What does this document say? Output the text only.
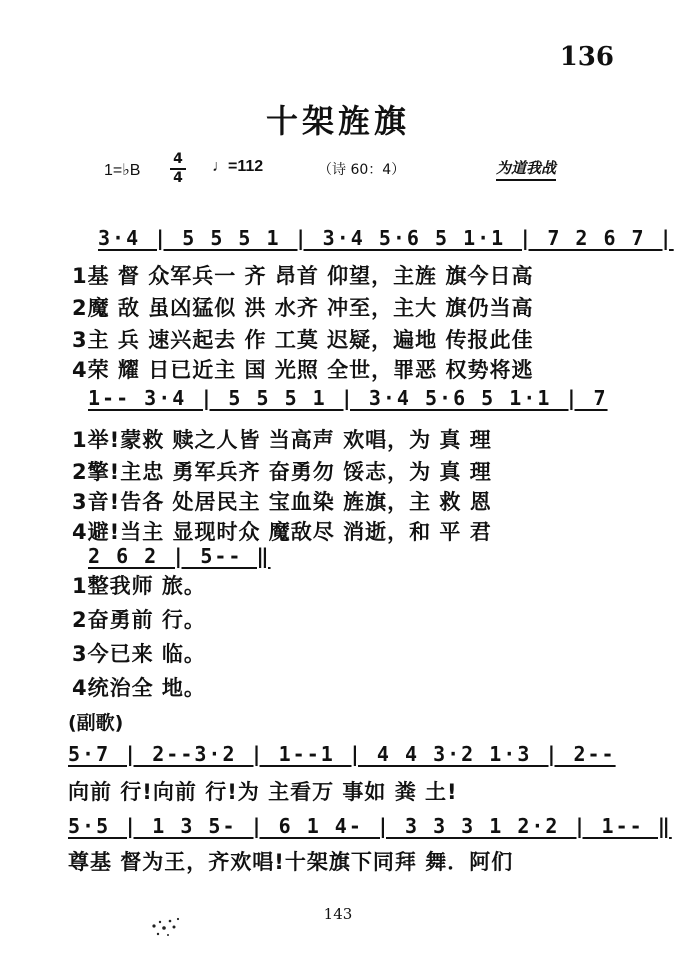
136
十架旌旗
1=♭B
4
4
♩=112	（诗 60：4）	为道我战
3·4 | 5 5 5 1 | 3·4 5·6 5 1·1 | 7 2 6 7 |
1基 督 众军兵一 齐 昂首 仰望，主旌 旗今日高
2魔 敌 虽凶猛似 洪 水齐 冲至，主大 旗仍当高
3主 兵 速兴起去 作 工莫 迟疑，遍地 传报此佳
4荣 耀 日已近主 国 光照 全世，罪恶 权势将逃
1-- 3·4 | 5 5 5 1 | 3·4 5·6 5 1·1 | 7
1举!蒙救 赎之人皆 当高声 欢唱，为 真 理
2擎!主忠 勇军兵齐 奋勇勿 馁志，为 真 理
3音!告各 处居民主 宝血染 旌旗，主 救 恩
4避!当主 显现时众 魔敌尽 消逝，和 平 君
2 6 2 | 5-- ‖
1整我师 旅。
2奋勇前 行。
3今已来 临。
4统治全 地。
(副歌)
5·7 | 2--3·2 | 1--1 | 4 4 3·2 1·3 | 2--
向前 行!向前 行!为 主看万 事如 粪 土!
5·5 | 1 3 5- | 6 1 4- | 3 3 3 1 2·2 | 1-- ‖
尊基 督为王，齐欢唱!十架旗下同拜 舞．阿们
143
